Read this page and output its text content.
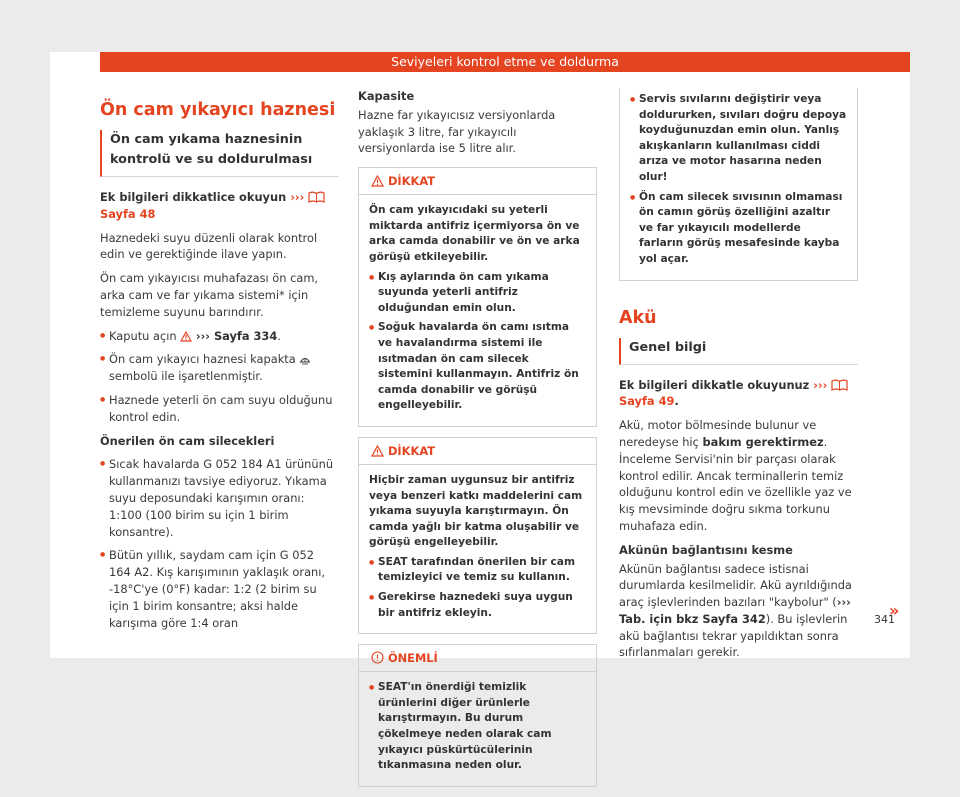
Seviyeleri kontrol etme ve doldurma
Ön cam yıkayıcı haznesi
Ön cam yıkama haznesinin kontrolü ve su doldurulması

Ek bilgileri dikkatlice okuyun ›››  Sayfa 48

Haznedeki suyu düzenli olarak kontrol edin ve gerektiğinde ilave yapın.

Ön cam yıkayıcısı muhafazası ön cam, arka cam ve far yıkama sistemi* için temizleme suyunu barındırır.

● Kaputu açın ››› Sayfa 334.
● Ön cam yıkayıcı haznesi kapakta  sembolü ile işaretlenmiştir.
● Haznede yeterli ön cam suyu olduğunu kontrol edin.

Önerilen ön cam silecekleri

● Sıcak havalarda G 052 184 A1 ürününü kullanmanızı tavsiye ediyoruz. Yıkama suyu deposundaki karışımın oranı: 1:100 (100 birim su için 1 birim konsantre).
● Bütün yıllık, saydam cam için G 052 164 A2. Kış karışımının yaklaşık oranı, -18°C'ye (0°F) kadar: 1:2 (2 birim su için 1 birim konsantre; aksi halde karışıma göre 1:4 oran

Kapasite

Hazne far yıkayıcısız versiyonlarda yaklaşık 3 litre, far yıkayıcılı versiyonlarda ise 5 litre alır.

DİKKAT

Ön cam yıkayıcıdaki su yeterli miktarda antifriz içermiyorsa ön ve arka camda donabilir ve ön ve arka görüşü etkileyebilir.

● Kış aylarında ön cam yıkama suyunda yeterli antifriz olduğundan emin olun.
● Soğuk havalarda ön camı ısıtma ve havalandırma sistemi ile ısıtmadan ön cam silecek sistemini kullanmayın. Antifriz ön camda donabilir ve görüşü engelleyebilir.
DİKKAT

Hiçbir zaman uygunsuz bir antifriz veya benzeri katkı maddelerini cam yıkama suyuyla karıştırmayın. Ön camda yağlı bir katma oluşabilir ve görüşü engelleyebilir.

● SEAT tarafından önerilen bir cam temizleyici ve temiz su kullanın.
● Gerekirse haznedeki suya uygun bir antifriz ekleyin.
ÖNEMLİ
● SEAT'ın önerdiği temizlik ürünlerini diğer ürünlerle karıştırmayın. Bu durum çökelmeye neden olarak cam yıkayıcı püskürtücülerinin tıkanmasına neden olur.
● Servis sıvılarını değiştirir veya doldururken, sıvıları doğru depoya koyduğunuzdan emin olun. Yanlış akışkanların kullanılması ciddi arıza ve motor hasarına neden olur!
● Ön cam silecek sıvısının olmaması ön camın görüş özelliğini azaltır ve far yıkayıcılı modellerde farların görüş mesafesinde kayba yol açar.
Akü
Genel bilgi

Ek bilgileri dikkatle okuyunuz ›››  Sayfa 49.

Akü, motor bölmesinde bulunur ve neredeyse hiç bakım gerektirmez. İnceleme Servisi'nin bir parçası olarak kontrol edilir. Ancak terminallerin temiz olduğunu kontrol edin ve özellikle yaz ve kış mevsiminde doğru sıkma torkunu muhafaza edin.

Akünün bağlantısını kesme

Akünün bağlantısı sadece istisnai durumlarda kesilmelidir. Akü ayrıldığında araç işlevlerinden bazıları "kaybolur" (››› Tab. için bkz Sayfa 342). Bu işlevlerin akü bağlantısı tekrar yapıldıktan sonra sıfırlanmaları gerekir.

»
341
